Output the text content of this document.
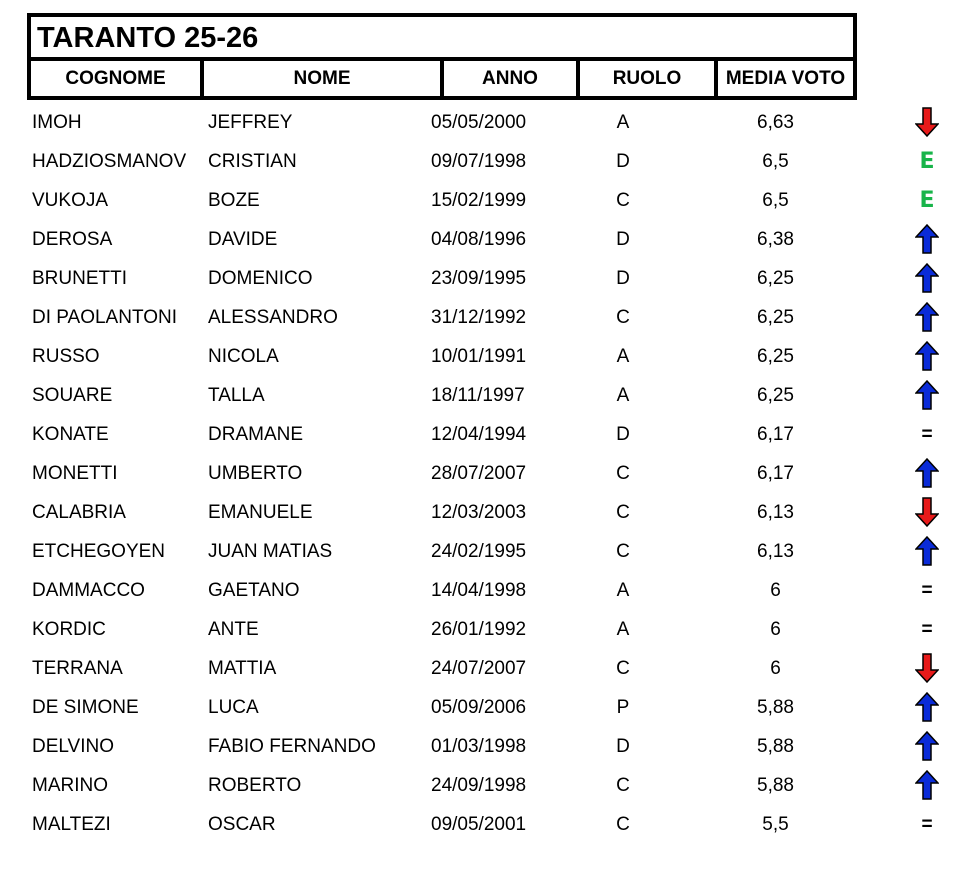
TARANTO 25-26
COGNOME	NOME	ANNO	RUOLO	MEDIA VOTO
IMOH	JEFFREY	05/05/2000	A	6,63
HADZIOSMANOV	CRISTIAN	09/07/1998	D	6,5	E
VUKOJA	BOZE	15/02/1999	C	6,5	E
DEROSA	DAVIDE	04/08/1996	D	6,38
BRUNETTI	DOMENICO	23/09/1995	D	6,25
DI PAOLANTONI	ALESSANDRO	31/12/1992	C	6,25
RUSSO	NICOLA	10/01/1991	A	6,25
SOUARE	TALLA	18/11/1997	A	6,25
KONATE	DRAMANE	12/04/1994	D	6,17	=
MONETTI	UMBERTO	28/07/2007	C	6,17
CALABRIA	EMANUELE	12/03/2003	C	6,13
ETCHEGOYEN	JUAN MATIAS	24/02/1995	C	6,13
DAMMACCO	GAETANO	14/04/1998	A	6	=
KORDIC	ANTE	26/01/1992	A	6	=
TERRANA	MATTIA	24/07/2007	C	6
DE SIMONE	LUCA	05/09/2006	P	5,88
DELVINO	FABIO FERNANDO	01/03/1998	D	5,88
MARINO	ROBERTO	24/09/1998	C	5,88
MALTEZI	OSCAR	09/05/2001	C	5,5	=
